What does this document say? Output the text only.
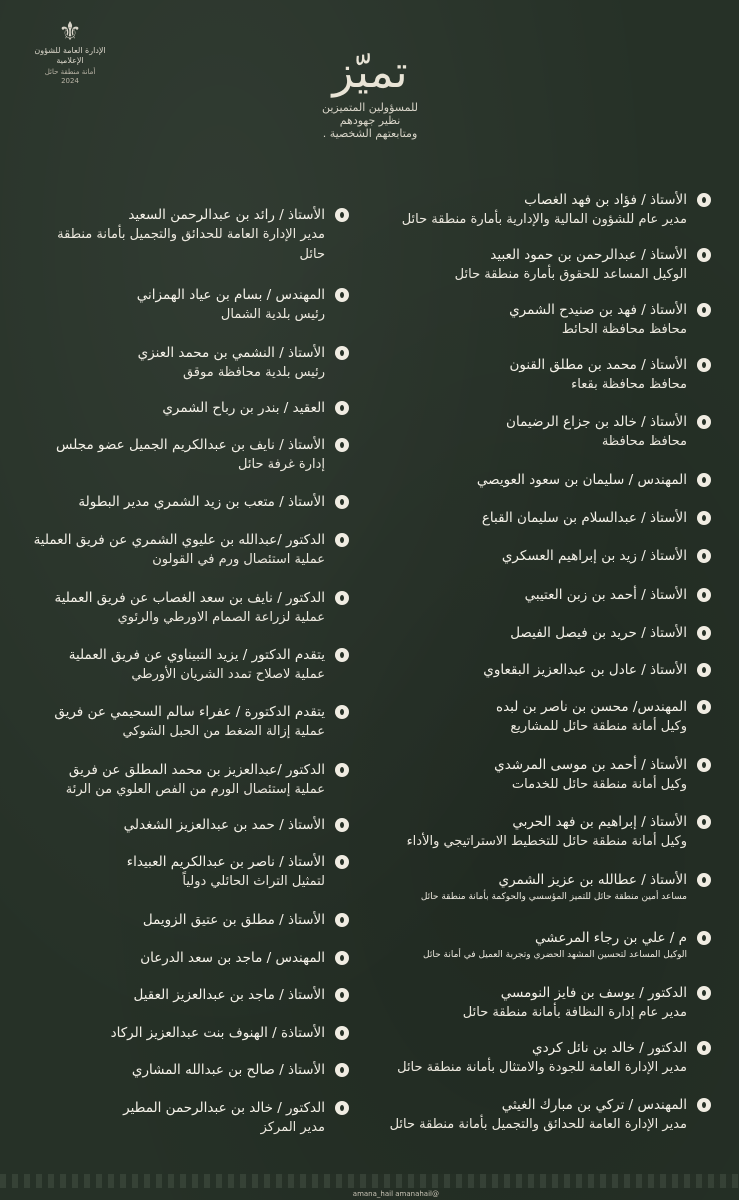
⚜
الإدارة العامة للشؤون الإعلامية
أمانة منطقة حائل
2024	تميّز
للمسؤولين المتميزين
نظير جهودهم
ومتابعتهم الشخصية .
الأستاذ / فؤاد بن فهد الغصاب
مدير عام للشؤون المالية والإدارية بأمارة منطقة حائل
الأستاذ / عبدالرحمن بن حمود العبيد
الوكيل المساعد للحقوق بأمارة منطقة حائل
الأستاذ / فهد بن صنيدح الشمري
محافظ محافظة الحائط
الأستاذ / محمد بن مطلق القنون
محافظ محافظة بقعاء
الأستاذ / خالد بن جزاع الرضيمان
محافظ محافظة
المهندس / سليمان بن سعود العويصي
الأستاذ / عبدالسلام بن سليمان القباع
الأستاذ / زيد بن إبراهيم العسكري
الأستاذ / أحمد بن زبن العتيبي
الأستاذ / حريد بن فيصل الفيصل
الأستاذ / عادل بن عبدالعزيز البقعاوي
المهندس/ محسن بن ناصر بن لبده
وكيل أمانة منطقة حائل للمشاريع
الأستاذ / أحمد بن موسى المرشدي
وكيل أمانة منطقة حائل للخدمات
الأستاذ / إبراهيم بن فهد الحربي
وكيل أمانة منطقة حائل للتخطيط الاستراتيجي والأداء
الأستاذ / عطالله بن عزيز الشمري
مساعد أمين منطقة حائل للتميز المؤسسي والحوكمة بأمانة منطقة حائل
م / علي بن رجاء المرعشي
الوكيل المساعد لتحسين المشهد الحضري وتجربة العميل في أمانة حائل
الدكتور / يوسف بن فايز النومسي
مدير عام إدارة النظافة بأمانة منطقة حائل
الدكتور / خالد بن نائل كردي
مدير الإدارة العامة للجودة والامتثال بأمانة منطقة حائل
المهندس / تركي بن مبارك الغيثي
مدير الإدارة العامة للحدائق والتجميل بأمانة منطقة حائل
الأستاذ / رائد بن عبدالرحمن السعيد
مدير الإدارة العامة للحدائق والتجميل بأمانة منطقة حائل
المهندس / بسام بن عياد الهمزاني
رئيس بلدية الشمال
الأستاذ / النشمي بن محمد العنزي
رئيس بلدية محافظة موقق
العقيد / بندر بن رباح الشمري
الأستاذ / نايف بن عبدالكريم الجميل عضو مجلس
إدارة غرفة حائل
الأستاذ / متعب بن زيد الشمري مدير البطولة
الدكتور /عبدالله بن عليوي الشمري عن فريق العملية
عملية استئصال ورم في القولون
الدكتور / نايف بن سعد الغصاب عن فريق العملية
عملية لزراعة الصمام الاورطي والرئوي
يتقدم الدكتور / يزيد التبيناوي عن فريق العملية
عملية لاصلاح تمدد الشريان الأورطي
يتقدم الدكتورة / عفراء سالم السحيمي عن فريق
عملية إزالة الضغط من الحبل الشوكي
الدكتور /عبدالعزيز بن محمد المطلق عن فريق
عملية إستئصال الورم من الفص العلوي من الرئة
الأستاذ / حمد بن عبدالعزيز الشغدلي
الأستاذ / ناصر بن عبدالكريم العبيداء
لتمثيل التراث الحائلي دولياً
الأستاذ / مطلق بن عتيق الزويمل
المهندس / ماجد بن سعد الدرعان
الأستاذ / ماجد بن عبدالعزيز العقيل
الأستاذة / الهنوف بنت عبدالعزيز الركاد
الأستاذ / صالح بن عبدالله المشاري
الدكتور / خالد بن عبدالرحمن المطير
مدير المركز
@amana_hail amanahail
